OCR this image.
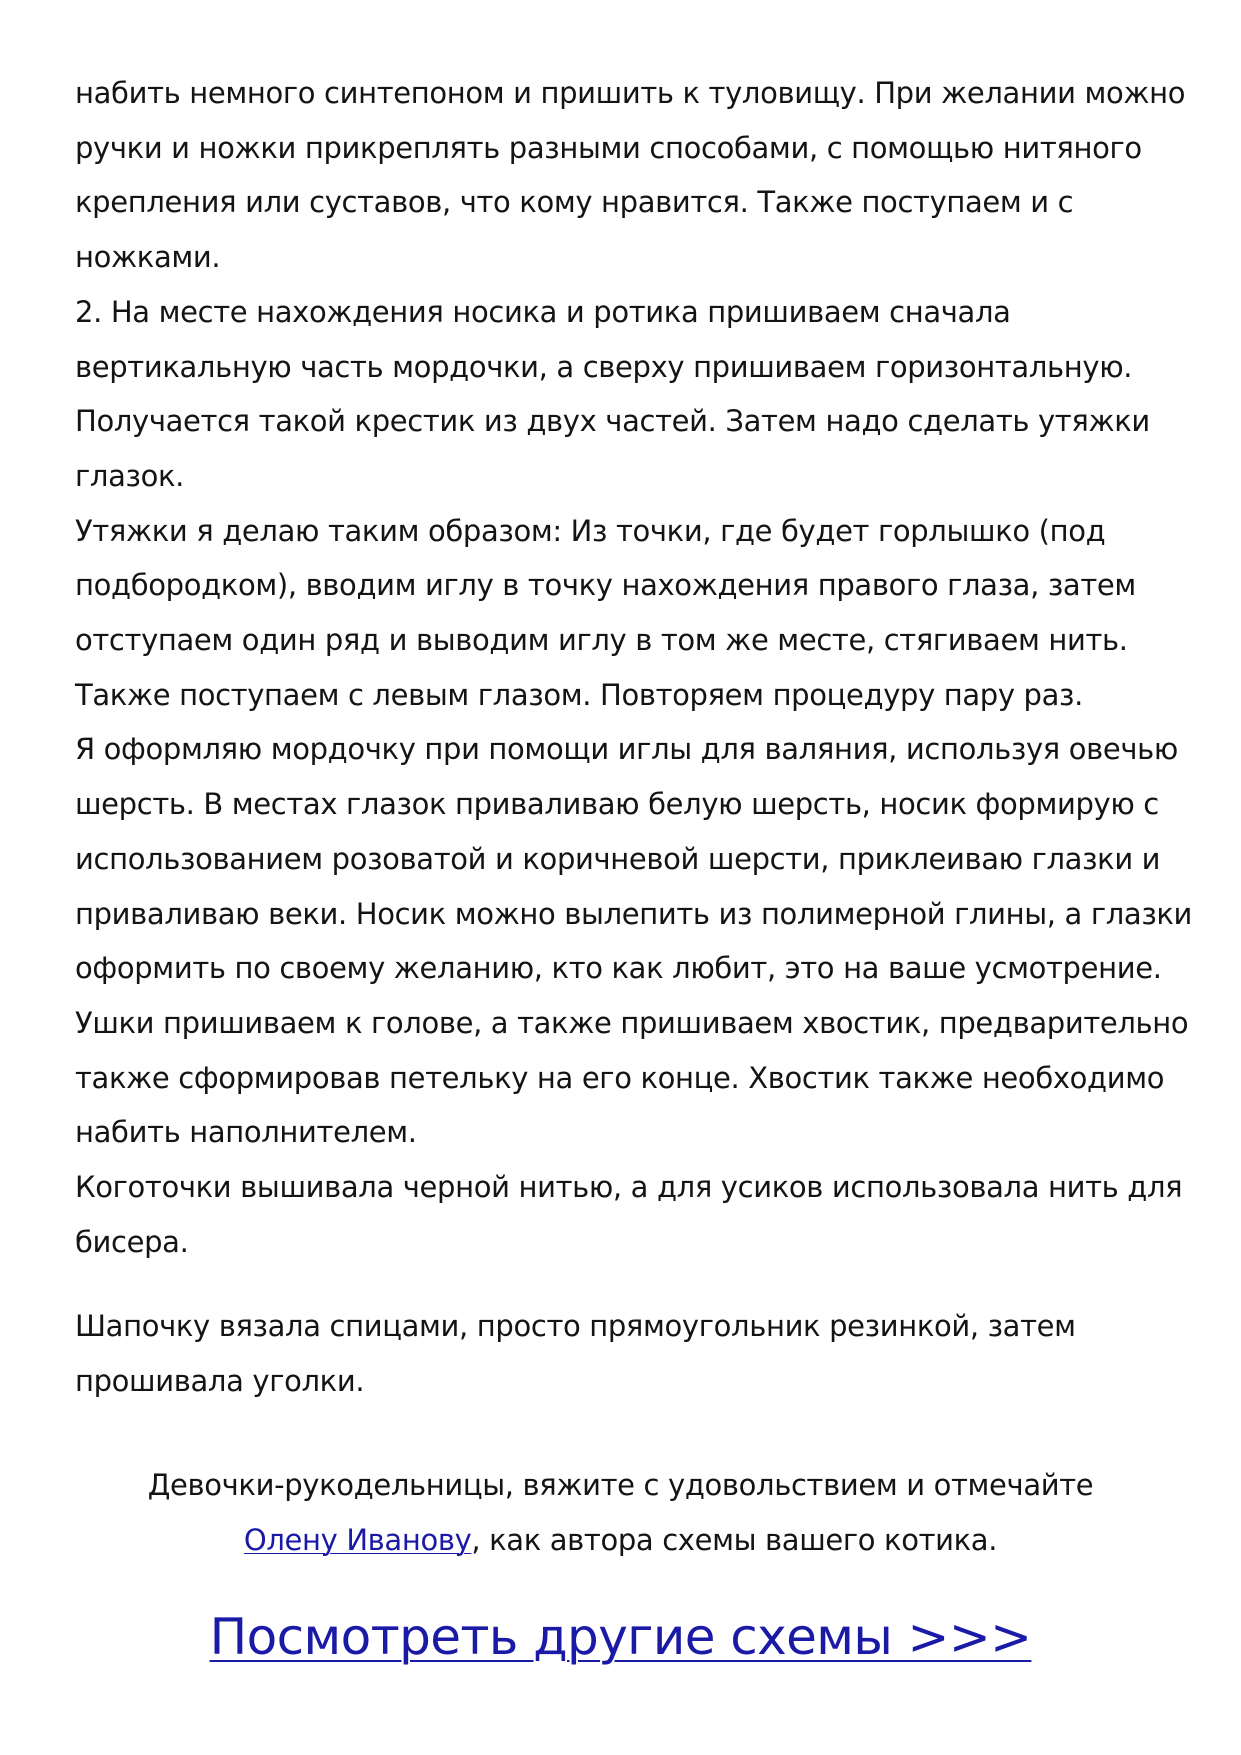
набить немного синтепоном и пришить к туловищу. При желании можно
ручки и ножки прикреплять разными способами, с помощью нитяного
крепления или суставов, что кому нравится. Также поступаем и с
ножками.
2. На месте нахождения носика и ротика пришиваем сначала
вертикальную часть мордочки, а сверху пришиваем горизонтальную.
Получается такой крестик из двух частей. Затем надо сделать утяжки
глазок.
Утяжки я делаю таким образом: Из точки, где будет горлышко (под
подбородком), вводим иглу в точку нахождения правого глаза, затем
отступаем один ряд и выводим иглу в том же месте, стягиваем нить.
Также поступаем с левым глазом. Повторяем процедуру пару раз.
Я оформляю мордочку при помощи иглы для валяния, используя овечью
шерсть. В местах глазок приваливаю белую шерсть, носик формирую с
использованием розоватой и коричневой шерсти, приклеиваю глазки и
приваливаю веки. Носик можно вылепить из полимерной глины, а глазки
оформить по своему желанию, кто как любит, это на ваше усмотрение.
Ушки пришиваем к голове, а также пришиваем хвостик, предварительно
также сформировав петельку на его конце. Хвостик также необходимо
набить наполнителем.
Коготочки вышивала черной нитью, а для усиков использовала нить для
бисера.
Шапочку вязала спицами, просто прямоугольник резинкой, затем
прошивала уголки.
Девочки-рукодельницы, вяжите с удовольствием и отмечайте
Олену Иванову, как автора схемы вашего котика.
Посмотреть другие схемы >>>
